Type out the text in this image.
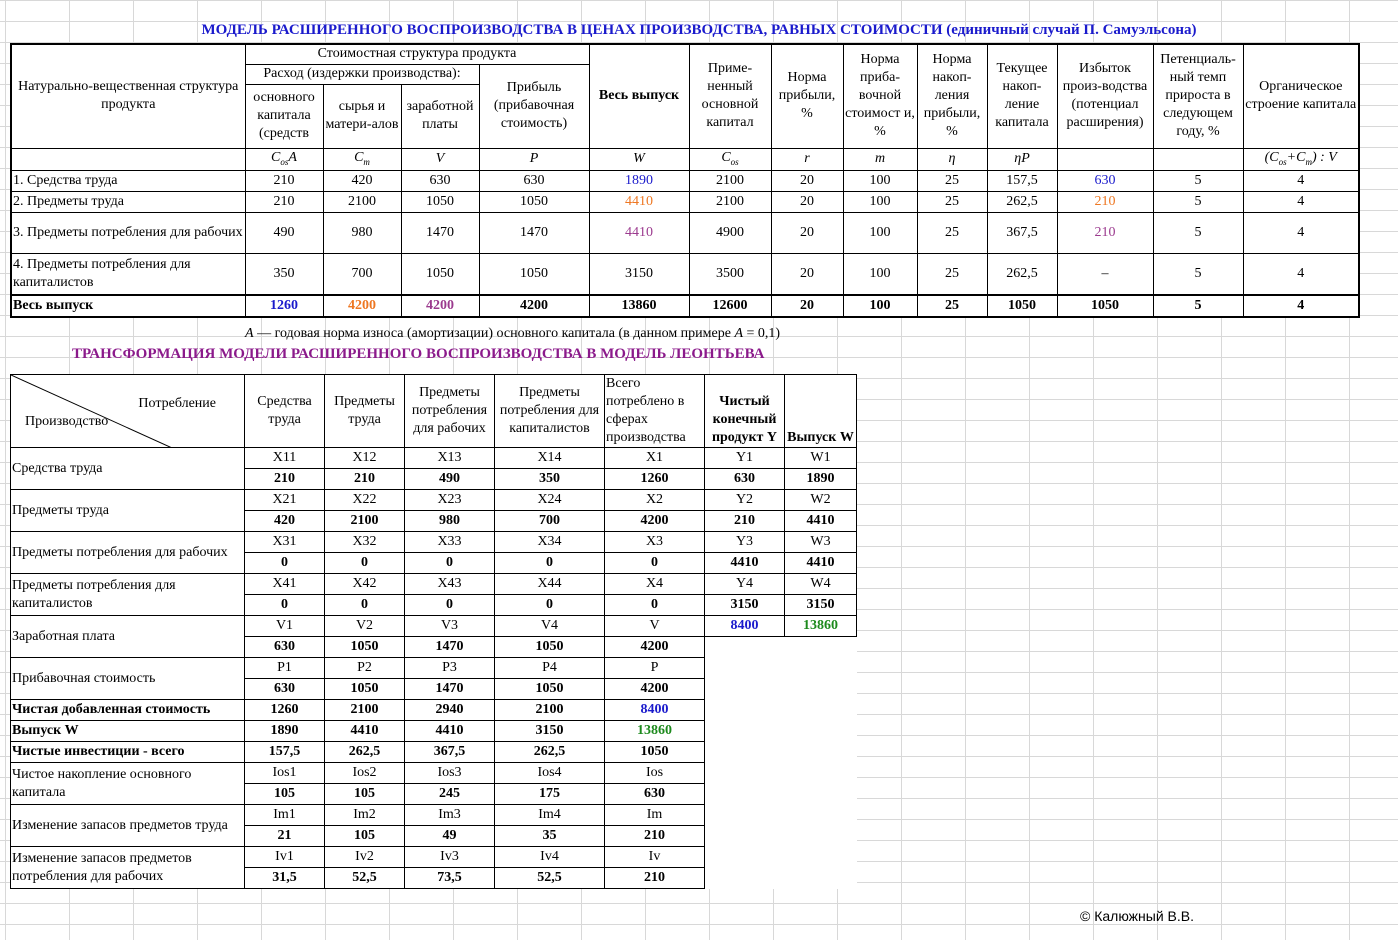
МОДЕЛЬ РАСШИРЕННОГО ВОСПРОИЗВОДСТВА В ЦЕНАХ ПРОИЗВОДСТВА, РАВНЫХ СТОИМОСТИ (единичный случай П. Самуэльсона)
Натурально-вещественная структура продукта	Стоимостная структура продукта				Весь выпуск	Приме-ненный основной капитал	Норма прибыли, %	Норма приба-вочной стоимост и, %	Норма накоп-ления прибыли, %	Текущее накоп-ление капитала	Избыток произ-водства (потенциал расширения)	Петенциаль-ный темп прироста в следующем году, %	Органическое строение капитала
	Расход (издержки производства):			Прибыль (прибавочная стоимость)									
	основного капитала (средств	сырья и матери-алов	заработной платы										
	$C_{os}A$	$C_m$	V	P	W	$C_{os}$	r	m	η	ηP			$(C_{os}+C_m)$ : V
1. Средства труда	210	420	630	630	1890	2100	20	100	25	157,5	630	5	4
2. Предметы труда	210	2100	1050	1050	4410	2100	20	100	25	262,5	210	5	4
3. Предметы потребления для рабочих	490	980	1470	1470	4410	4900	20	100	25	367,5	210	5	4
4. Предметы потребления для капиталистов	350	700	1050	1050	3150	3500	20	100	25	262,5	–	5	4
Весь выпуск	1260	4200	4200	4200	13860	12600	20	100	25	1050	1050	5	4
A — годовая норма износа (амортизации) основного капитала (в данном примере A = 0,1)
ТРАНСФОРМАЦИЯ МОДЕЛИ РАСШИРЕННОГО ВОСПРОИЗВОДСТВА В МОДЕЛЬ ЛЕОНТЬЕВА
Потребление
Производство	Средства труда	Предметы труда	Предметы потребления для рабочих	Предметы потребления для капиталистов	Всего потреблено в сферах производства	Чистый конечный продукт Y	Выпуск W
Средства труда	X11	X12	X13	X14	X1	Y1	W1
	210	210	490	350	1260	630	1890
Предметы труда	X21	X22	X23	X24	X2	Y2	W2
	420	2100	980	700	4200	210	4410
Предметы потребления для рабочих	X31	X32	X33	X34	X3	Y3	W3
	0	0	0	0	0	4410	4410
Предметы потребления для капиталистов	X41	X42	X43	X44	X4	Y4	W4
	0	0	0	0	0	3150	3150
Заработная плата	V1	V2	V3	V4	V	8400	13860
	630	1050	1470	1050	4200		
Прибавочная стоимость	P1	P2	P3	P4	P		
	630	1050	1470	1050	4200		
Чистая добавленная стоимость	1260	2100	2940	2100	8400		
Выпуск W	1890	4410	4410	3150	13860		
Чистые инвестиции - всего	157,5	262,5	367,5	262,5	1050		
Чистое накопление основного капитала	Ios1	Ios2	Ios3	Ios4	Ios		
	105	105	245	175	630		
Изменение запасов предметов труда	Im1	Im2	Im3	Im4	Im		
	21	105	49	35	210		
Изменение запасов предметов потребления для рабочих	Iv1	Iv2	Iv3	Iv4	Iv		
	31,5	52,5	73,5	52,5	210		
© Калюжный В.В.
